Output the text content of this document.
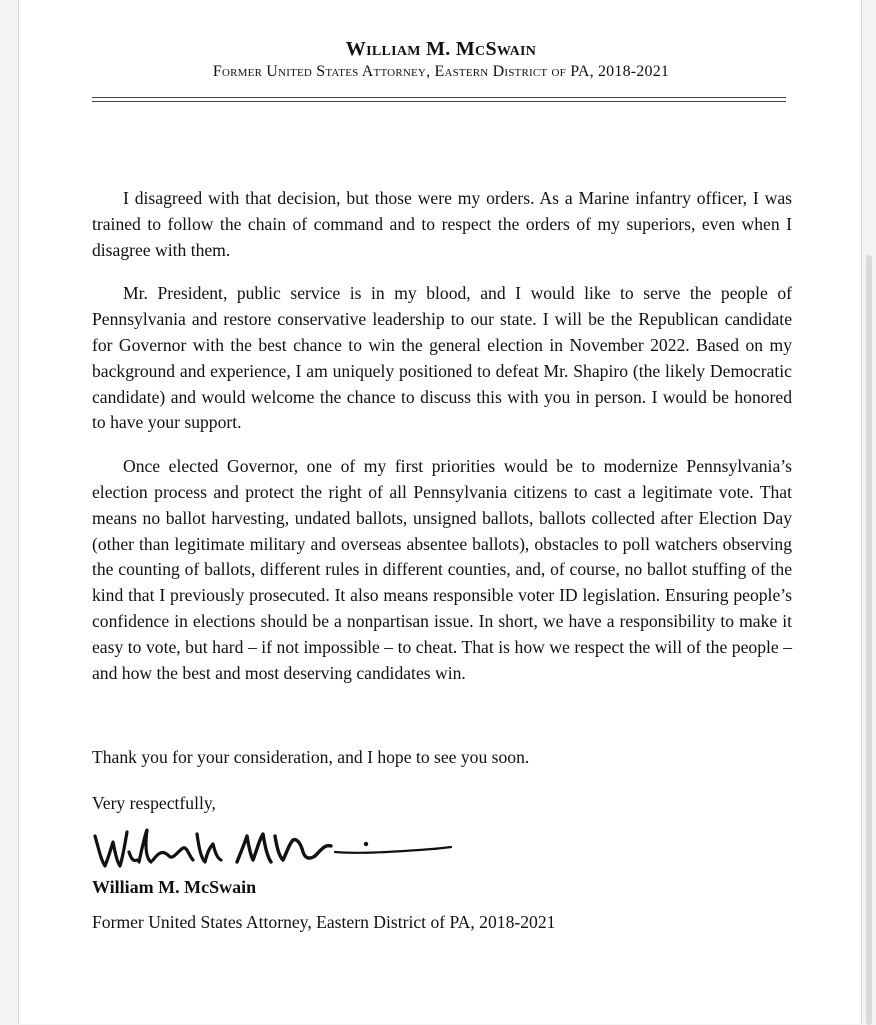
William M. McSwain
Former United States Attorney, Eastern District of PA, 2018-2021

I disagreed with that decision, but those were my orders. As a Marine infantry officer, I was trained to follow the chain of command and to respect the orders of my superiors, even when I disagree with them.

Mr. President, public service is in my blood, and I would like to serve the people of Pennsylvania and restore conservative leadership to our state. I will be the Republican candidate for Governor with the best chance to win the general election in November 2022. Based on my background and experience, I am uniquely positioned to defeat Mr. Shapiro (the likely Democratic candidate) and would welcome the chance to discuss this with you in person. I would be honored to have your support.

Once elected Governor, one of my first priorities would be to modernize Pennsylvania’s election process and protect the right of all Pennsylvania citizens to cast a legitimate vote. That means no ballot harvesting, undated ballots, unsigned ballots, ballots collected after Election Day (other than legitimate military and overseas absentee ballots), obstacles to poll watchers observing the counting of ballots, different rules in different counties, and, of course, no ballot stuffing of the kind that I previously prosecuted. It also means responsible voter ID legislation. Ensuring people’s confidence in elections should be a nonpartisan issue. In short, we have a responsibility to make it easy to vote, but hard – if not impossible – to cheat. That is how we respect the will of the people – and how the best and most deserving candidates win.

Thank you for your consideration, and I hope to see you soon.
Very respectfully,
William M. McSwain
Former United States Attorney, Eastern District of PA, 2018-2021
